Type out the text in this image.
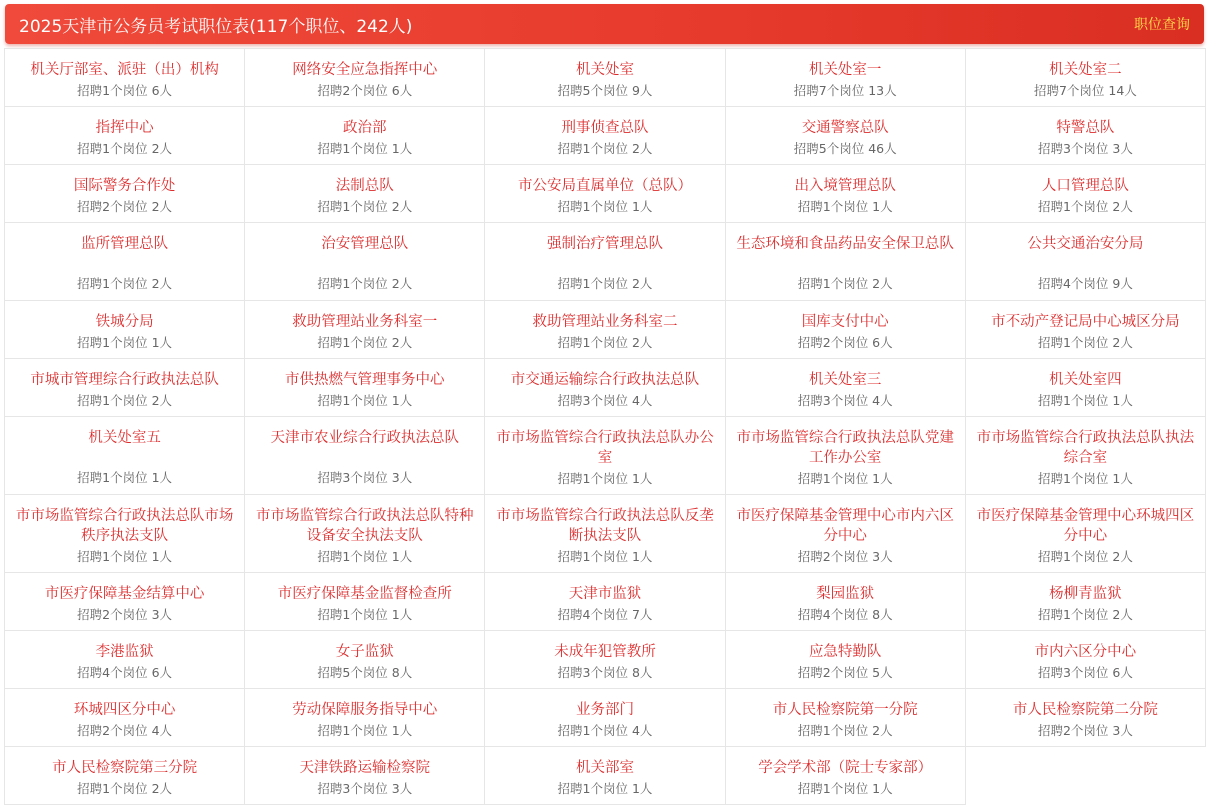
2025天津市公务员考试职位表(117个职位、242人)	职位查询
机关厅部室、派驻（出）机构
招聘1个岗位 6人
网络安全应急指挥中心
招聘2个岗位 6人
机关处室
招聘5个岗位 9人
机关处室一
招聘7个岗位 13人
机关处室二
招聘7个岗位 14人
指挥中心
招聘1个岗位 2人
政治部
招聘1个岗位 1人
刑事侦查总队
招聘1个岗位 2人
交通警察总队
招聘5个岗位 46人
特警总队
招聘3个岗位 3人
国际警务合作处
招聘2个岗位 2人
法制总队
招聘1个岗位 2人
市公安局直属单位（总队）
招聘1个岗位 1人
出入境管理总队
招聘1个岗位 1人
人口管理总队
招聘1个岗位 2人
监所管理总队
招聘1个岗位 2人
治安管理总队
招聘1个岗位 2人
强制治疗管理总队
招聘1个岗位 2人
生态环境和食品药品安全保卫总队
招聘1个岗位 2人
公共交通治安分局
招聘4个岗位 9人
铁城分局
招聘1个岗位 1人
救助管理站业务科室一
招聘1个岗位 2人
救助管理站业务科室二
招聘1个岗位 2人
国库支付中心
招聘2个岗位 6人
市不动产登记局中心城区分局
招聘1个岗位 2人
市城市管理综合行政执法总队
招聘1个岗位 2人
市供热燃气管理事务中心
招聘1个岗位 1人
市交通运输综合行政执法总队
招聘3个岗位 4人
机关处室三
招聘3个岗位 4人
机关处室四
招聘1个岗位 1人
机关处室五
招聘1个岗位 1人
天津市农业综合行政执法总队
招聘3个岗位 3人
市市场监管综合行政执法总队办公室
招聘1个岗位 1人
市市场监管综合行政执法总队党建工作办公室
招聘1个岗位 1人
市市场监管综合行政执法总队执法综合室
招聘1个岗位 1人
市市场监管综合行政执法总队市场秩序执法支队
招聘1个岗位 1人
市市场监管综合行政执法总队特种设备安全执法支队
招聘1个岗位 1人
市市场监管综合行政执法总队反垄断执法支队
招聘1个岗位 1人
市医疗保障基金管理中心市内六区分中心
招聘2个岗位 3人
市医疗保障基金管理中心环城四区分中心
招聘1个岗位 2人
市医疗保障基金结算中心
招聘2个岗位 3人
市医疗保障基金监督检查所
招聘1个岗位 1人
天津市监狱
招聘4个岗位 7人
梨园监狱
招聘4个岗位 8人
杨柳青监狱
招聘1个岗位 2人
李港监狱
招聘4个岗位 6人
女子监狱
招聘5个岗位 8人
未成年犯管教所
招聘3个岗位 8人
应急特勤队
招聘2个岗位 5人
市内六区分中心
招聘3个岗位 6人
环城四区分中心
招聘2个岗位 4人
劳动保障服务指导中心
招聘1个岗位 1人
业务部门
招聘1个岗位 4人
市人民检察院第一分院
招聘1个岗位 2人
市人民检察院第二分院
招聘2个岗位 3人
市人民检察院第三分院
招聘1个岗位 2人
天津铁路运输检察院
招聘3个岗位 3人
机关部室
招聘1个岗位 1人
学会学术部（院士专家部）
招聘1个岗位 1人
